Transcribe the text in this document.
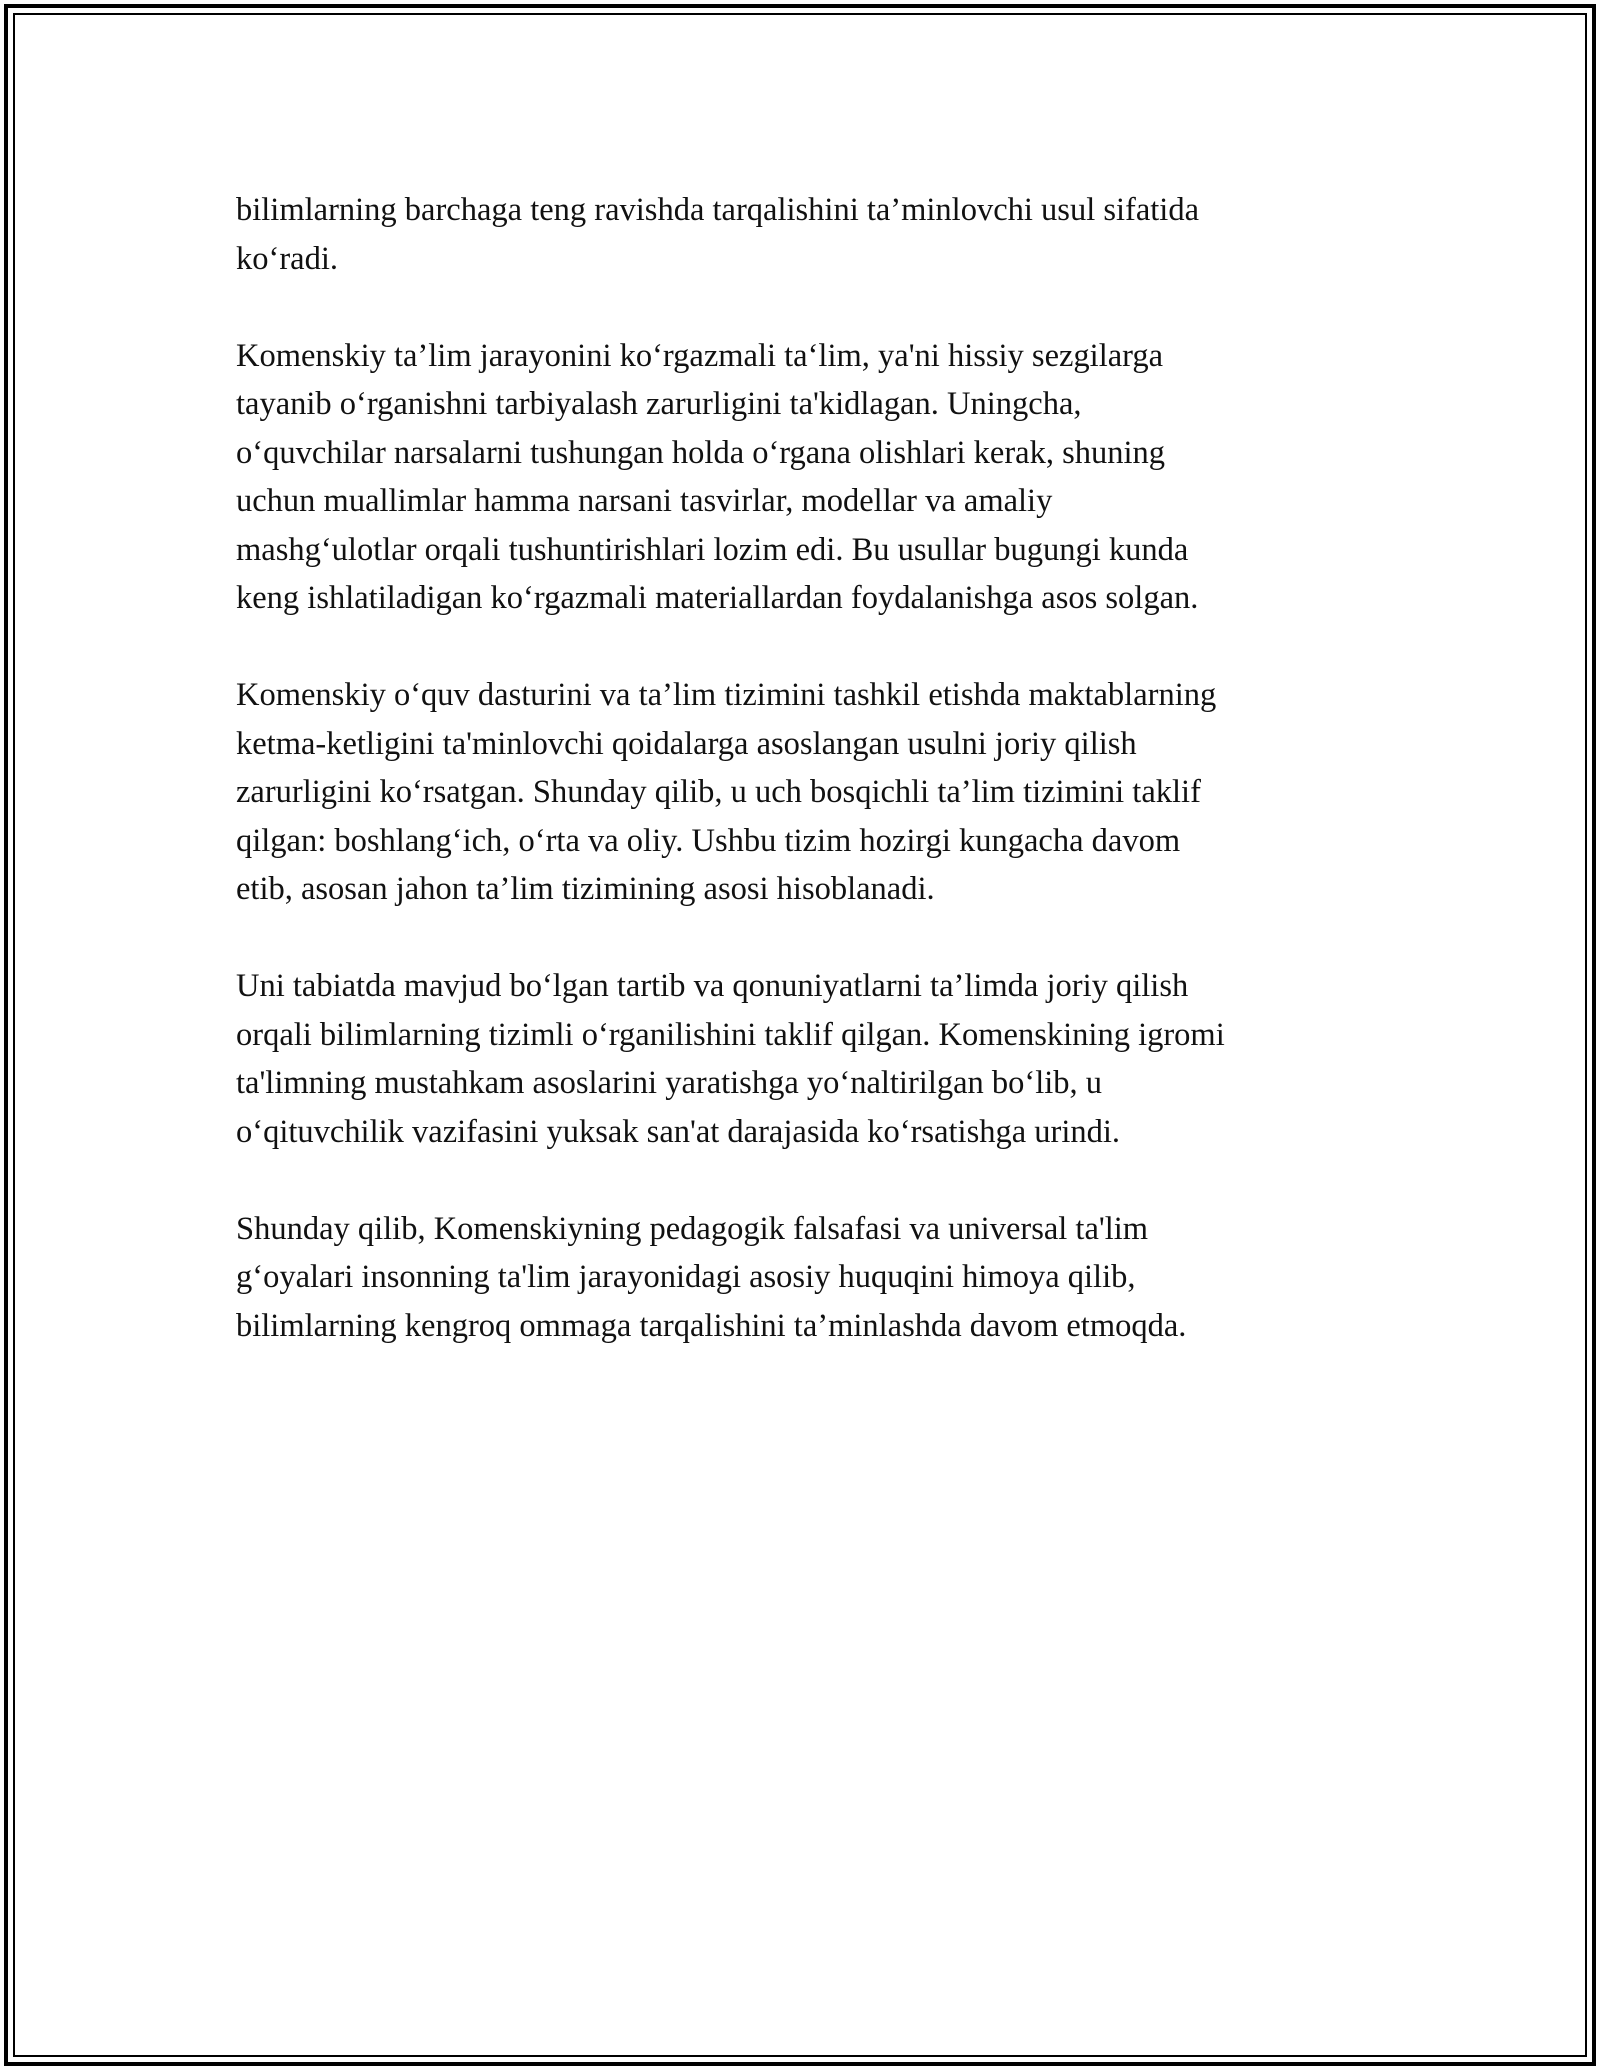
bilimlarning barchaga teng ravishda tarqalishini ta’minlovchi usul sifatida
ko‘radi.

Komenskiy ta’lim jarayonini ko‘rgazmali ta‘lim, ya'ni hissiy sezgilarga
tayanib o‘rganishni tarbiyalash zarurligini ta'kidlagan. Uningcha,
o‘quvchilar narsalarni tushungan holda o‘rgana olishlari kerak, shuning
uchun muallimlar hamma narsani tasvirlar, modellar va amaliy
mashg‘ulotlar orqali tushuntirishlari lozim edi. Bu usullar bugungi kunda
keng ishlatiladigan ko‘rgazmali materiallardan foydalanishga asos solgan.

Komenskiy o‘quv dasturini va ta’lim tizimini tashkil etishda maktablarning
ketma-ketligini ta'minlovchi qoidalarga asoslangan usulni joriy qilish
zarurligini ko‘rsatgan. Shunday qilib, u uch bosqichli ta’lim tizimini taklif
qilgan: boshlang‘ich, o‘rta va oliy. Ushbu tizim hozirgi kungacha davom
etib, asosan jahon ta’lim tizimining asosi hisoblanadi.

Uni tabiatda mavjud bo‘lgan tartib va qonuniyatlarni ta’limda joriy qilish
orqali bilimlarning tizimli o‘rganilishini taklif qilgan. Komenskining igromi
ta'limning mustahkam asoslarini yaratishga yo‘naltirilgan bo‘lib, u
o‘qituvchilik vazifasini yuksak san'at darajasida ko‘rsatishga urindi.

Shunday qilib, Komenskiyning pedagogik falsafasi va universal ta'lim
g‘oyalari insonning ta'lim jarayonidagi asosiy huquqini himoya qilib,
bilimlarning kengroq ommaga tarqalishini ta’minlashda davom etmoqda.
